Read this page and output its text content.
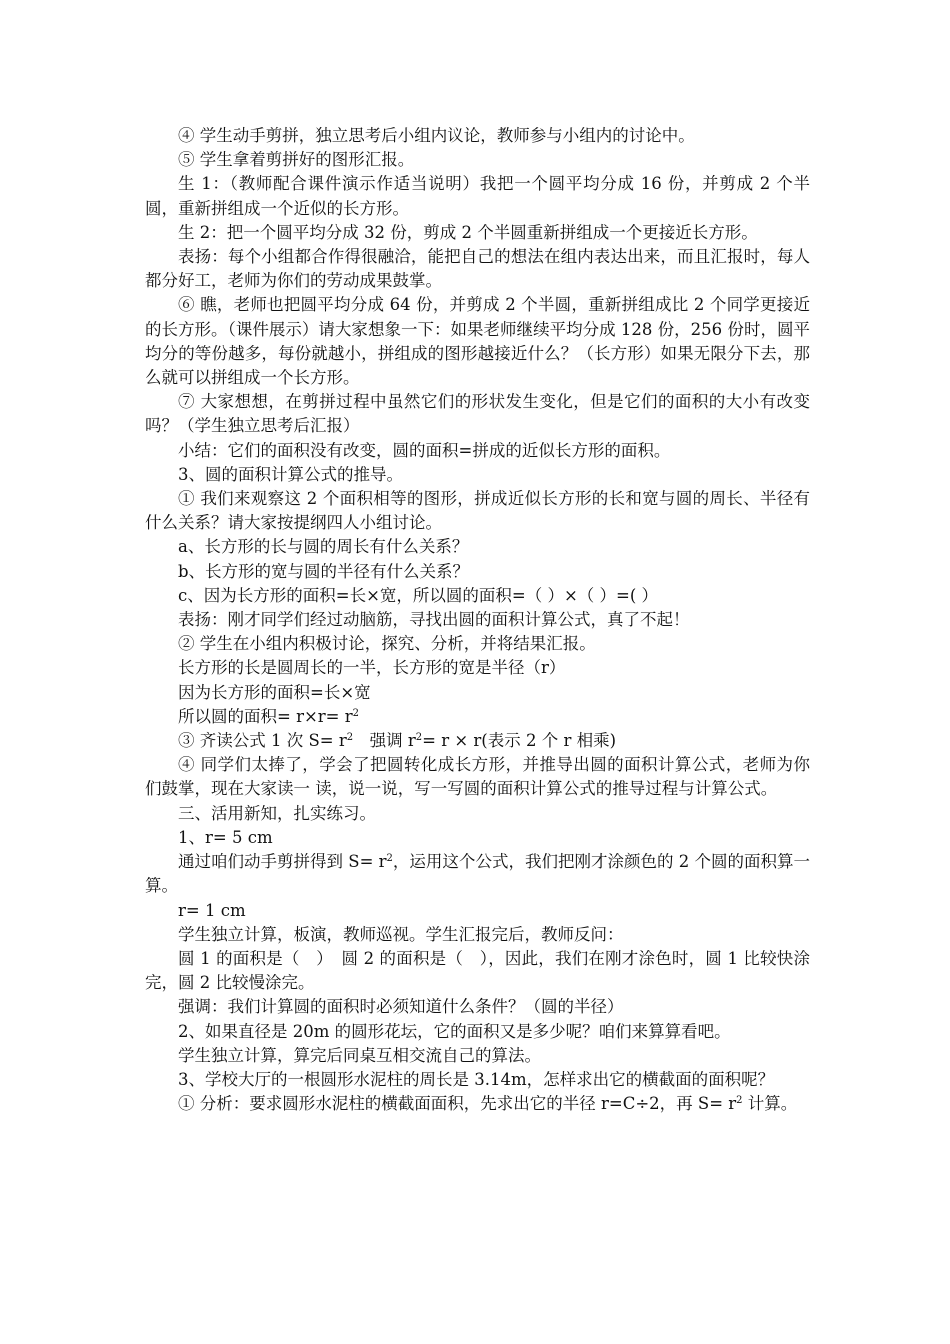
④ 学生动手剪拼，独立思考后小组内议论，教师参与小组内的讨论中。

⑤ 学生拿着剪拼好的图形汇报。

生 1：（教师配合课件演示作适当说明）我把一个圆平均分成 16 份，并剪成 2 个半圆，重新拼组成一个近似的长方形。

生 2：把一个圆平均分成 32 份，剪成 2 个半圆重新拼组成一个更接近长方形。

表扬：每个小组都合作得很融洽，能把自己的想法在组内表达出来，而且汇报时，每人都分好工，老师为你们的劳动成果鼓掌。

⑥ 瞧，老师也把圆平均分成 64 份，并剪成 2 个半圆，重新拼组成比 2 个同学更接近的长方形。（课件展示）请大家想象一下：如果老师继续平均分成 128 份，256 份时，圆平均分的等份越多，每份就越小，拼组成的图形越接近什么？（长方形）如果无限分下去，那么就可以拼组成一个长方形。

⑦ 大家想想，在剪拼过程中虽然它们的形状发生变化，但是它们的面积的大小有改变吗？（学生独立思考后汇报）

小结：它们的面积没有改变，圆的面积=拼成的近似长方形的面积。

3、圆的面积计算公式的推导。

① 我们来观察这 2 个面积相等的图形，拼成近似长方形的长和宽与圆的周长、半径有什么关系？请大家按提纲四人小组讨论。

a、长方形的长与圆的周长有什么关系？

b、长方形的宽与圆的半径有什么关系？

c、因为长方形的面积=长×宽，所以圆的面积=（ ）×（ ）=( ）

表扬：刚才同学们经过动脑筋，寻找出圆的面积计算公式，真了不起！

② 学生在小组内积极讨论，探究、分析，并将结果汇报。

长方形的长是圆周长的一半，长方形的宽是半径（r）

因为长方形的面积=长×宽

所以圆的面积= $r\times r= r^2$

③ 齐读公式 1 次 $S= r^2$　强调 $r^2= r \times r$(表示 2 个 r 相乘)

④ 同学们太捧了，学会了把圆转化成长方形，并推导出圆的面积计算公式，老师为你们鼓掌，现在大家读一 读，说一说，写一写圆的面积计算公式的推导过程与计算公式。

三、活用新知，扎实练习。

1、r= 5 cm

通过咱们动手剪拼得到 $S= r^2$，运用这个公式，我们把刚才涂颜色的 2 个圆的面积算一算。

r= 1 cm

学生独立计算，板演，教师巡视。学生汇报完后，教师反问：

圆 1 的面积是（　）　圆 2 的面积是（　），因此，我们在刚才涂色时，圆 1 比较快涂完，圆 2 比较慢涂完。

强调：我们计算圆的面积时必须知道什么条件？（圆的半径）

2、如果直径是 20m 的圆形花坛，它的面积又是多少呢？咱们来算算看吧。

学生独立计算，算完后同桌互相交流自己的算法。

3、学校大厅的一根圆形水泥柱的周长是 3.14m，怎样求出它的横截面的面积呢？

① 分析：要求圆形水泥柱的横截面面积，先求出它的半径 r=C÷2，再 $S= r^2$ 计算。
